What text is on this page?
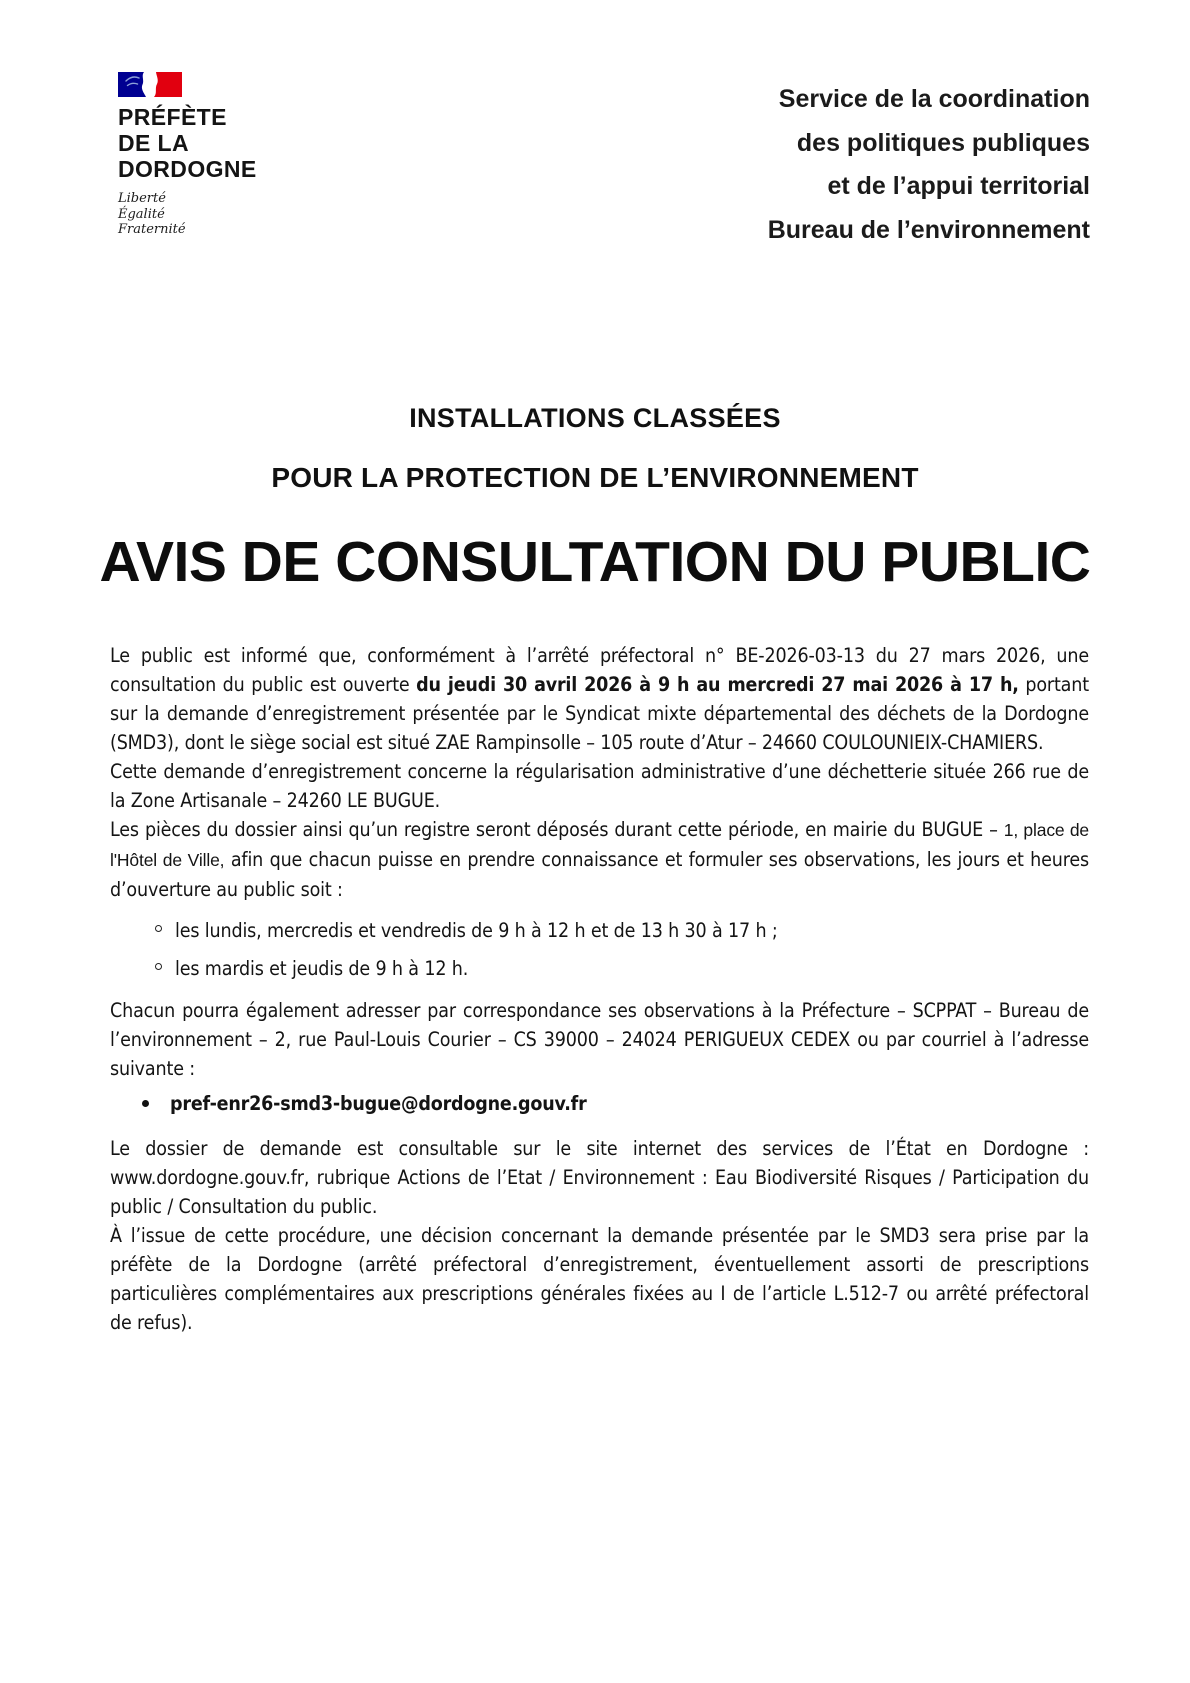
PRÉFÈTE
DE LA
DORDOGNE
Liberté
Égalité
Fraternité
Service de la coordination
des politiques publiques
et de l’appui territorial
Bureau de l’environnement
INSTALLATIONS CLASSÉES
POUR LA PROTECTION DE L’ENVIRONNEMENT
AVIS DE CONSULTATION DU PUBLIC

Le public est informé que, conformément à l’arrêté préfectoral n° BE-2026-03-13 du 27 mars 2026, une consultation du public est ouverte du jeudi 30 avril 2026 à 9 h au mercredi 27 mai 2026 à 17 h, portant sur la demande d’enregistrement présentée par le Syndicat mixte départemental des déchets de la Dordogne (SMD3), dont le siège social est situé ZAE Rampinsolle – 105 route d’Atur – 24660 COULOUNIEIX-CHAMIERS.

Cette demande d’enregistrement concerne la régularisation administrative d’une déchetterie située 266 rue de la Zone Artisanale – 24260 LE BUGUE.

Les pièces du dossier ainsi qu’un registre seront déposés durant cette période, en mairie du BUGUE – 1, place de l'Hôtel de Ville, afin que chacun puisse en prendre connaissance et formuler ses observations, les jours et heures d’ouverture au public soit :

les lundis, mercredis et vendredis de 9 h à 12 h et de 13 h 30 à 17 h ;
les mardis et jeudis de 9 h à 12 h.

Chacun pourra également adresser par correspondance ses observations à la Préfecture – SCPPAT – Bureau de l’environnement – 2, rue Paul-Louis Courier – CS 39000 – 24024 PERIGUEUX CEDEX ou par courriel à l’adresse suivante :

pref-enr26-smd3-bugue@dordogne.gouv.fr

Le dossier de demande est consultable sur le site internet des services de l’État en Dordogne : www.dordogne.gouv.fr, rubrique Actions de l’Etat / Environnement : Eau Biodiversité Risques / Participation du public / Consultation du public.

À l’issue de cette procédure, une décision concernant la demande présentée par le SMD3 sera prise par la préfète de la Dordogne (arrêté préfectoral d’enregistrement, éventuellement assorti de prescriptions particulières complémentaires aux prescriptions générales fixées au I de l’article L.512-7 ou arrêté préfectoral de refus).
